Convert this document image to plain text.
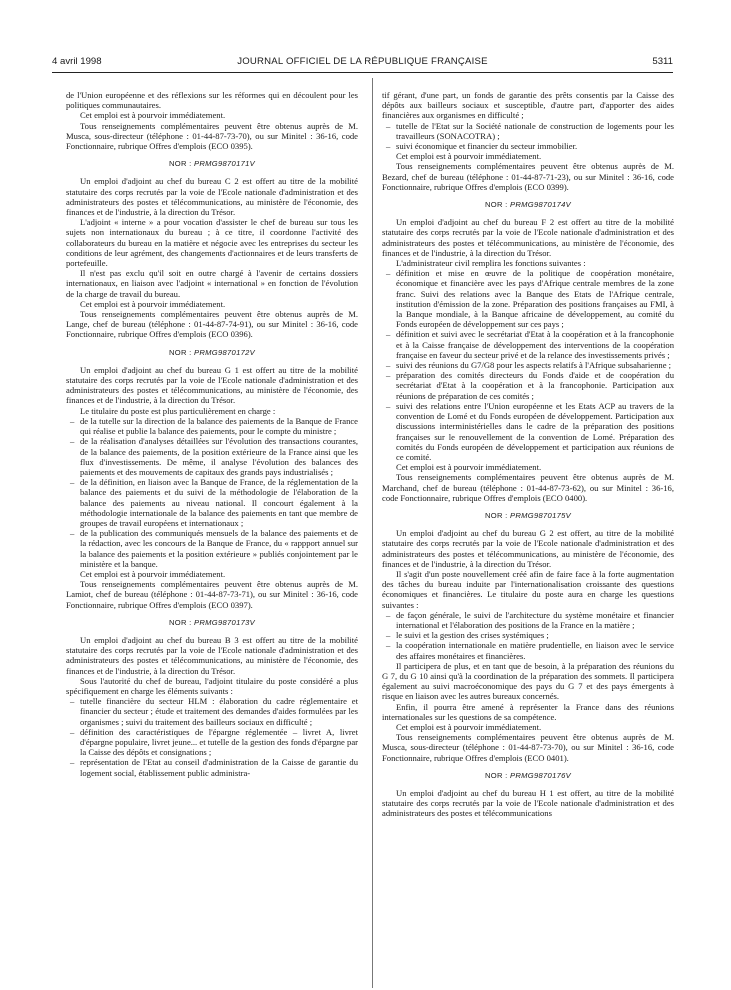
4 avril 1998	JOURNAL OFFICIEL DE LA RÉPUBLIQUE FRANÇAISE	5311

de l'Union européenne et des réflexions sur les réformes qui en découlent pour les politiques communautaires.

Cet emploi est à pourvoir immédiatement.

Tous renseignements complémentaires peuvent être obtenus auprès de M. Musca, sous-directeur (téléphone : 01-44-87-73-70), ou sur Minitel : 36-16, code Fonctionnaire, rubrique Offres d'emplois (ECO 0395).

NOR : PRMG9870171V

Un emploi d'adjoint au chef du bureau C 2 est offert au titre de la mobilité statutaire des corps recrutés par la voie de l'Ecole nationale d'administration et des administrateurs des postes et télécommunications, au ministère de l'économie, des finances et de l'industrie, à la direction du Trésor.

L'adjoint « interne » a pour vocation d'assister le chef de bureau sur tous les sujets non internationaux du bureau ; à ce titre, il coordonne l'activité des collaborateurs du bureau en la matière et négocie avec les entreprises du secteur les conditions de leur agrément, des changements d'actionnaires et de leurs transferts de portefeuille.

Il n'est pas exclu qu'il soit en outre chargé à l'avenir de certains dossiers internationaux, en liaison avec l'adjoint « international » en fonction de l'évolution de la charge de travail du bureau.

Cet emploi est à pourvoir immédiatement.

Tous renseignements complémentaires peuvent être obtenus auprès de M. Lange, chef de bureau (téléphone : 01-44-87-74-91), ou sur Minitel : 36-16, code Fonctionnaire, rubrique Offres d'emplois (ECO 0396).

NOR : PRMG9870172V

Un emploi d'adjoint au chef du bureau G 1 est offert au titre de la mobilité statutaire des corps recrutés par la voie de l'Ecole nationale d'administration et des administrateurs des postes et télécommunications, au ministère de l'économie, des finances et de l'industrie, à la direction du Trésor.

Le titulaire du poste est plus particulièrement en charge :

– de la tutelle sur la direction de la balance des paiements de la Banque de France qui réalise et publie la balance des paiements, pour le compte du ministre ;

– de la réalisation d'analyses détaillées sur l'évolution des transactions courantes, de la balance des paiements, de la position extérieure de la France ainsi que les flux d'investissements. De même, il analyse l'évolution des balances des paiements et des mouvements de capitaux des grands pays industrialisés ;

– de la définition, en liaison avec la Banque de France, de la réglementation de la balance des paiements et du suivi de la méthodologie de l'élaboration de la balance des paiements au niveau national. Il concourt également à la méthodologie internationale de la balance des paiements en tant que membre de groupes de travail européens et internationaux ;

– de la publication des communiqués mensuels de la balance des paiements et de la rédaction, avec les concours de la Banque de France, du « rappport annuel sur la balance des paiements et la position extérieure » publiés conjointement par le ministère et la banque.

Cet emploi est à pourvoir immédiatement.

Tous renseignements complémentaires peuvent être obtenus auprès de M. Lamiot, chef de bureau (téléphone : 01-44-87-73-71), ou sur Minitel : 36-16, code Fonctionnaire, rubrique Offres d'emplois (ECO 0397).

NOR : PRMG9870173V

Un emploi d'adjoint au chef du bureau B 3 est offert au titre de la mobilité statutaire des corps recrutés par la voie de l'Ecole nationale d'administration et des administrateurs des postes et télécommunications, au ministère de l'économie, des finances et de l'industrie, à la direction du Trésor.

Sous l'autorité du chef de bureau, l'adjoint titulaire du poste considéré a plus spécifiquement en charge les éléments suivants :

– tutelle financière du secteur HLM : élaboration du cadre réglementaire et financier du secteur ; étude et traitement des demandes d'aides formulées par les organismes ; suivi du traitement des bailleurs sociaux en difficulté ;

– définition des caractéristiques de l'épargne réglementée – livret A, livret d'épargne populaire, livret jeune... et tutelle de la gestion des fonds d'épargne par la Caisse des dépôts et consignations ;

– représentation de l'Etat au conseil d'administration de la Caisse de garantie du logement social, établissement public administra-

tif gérant, d'une part, un fonds de garantie des prêts consentis par la Caisse des dépôts aux bailleurs sociaux et susceptible, d'autre part, d'apporter des aides financières aux organismes en difficulté ;

– tutelle de l'Etat sur la Société nationale de construction de logements pour les travailleurs (SONACOTRA) ;

– suivi économique et financier du secteur immobilier.

Cet emploi est à pourvoir immédiatement.

Tous renseignements complémentaires peuvent être obtenus auprès de M. Bezard, chef de bureau (téléphone : 01-44-87-71-23), ou sur Minitel : 36-16, code Fonctionnaire, rubrique Offres d'emplois (ECO 0399).

NOR : PRMG9870174V

Un emploi d'adjoint au chef du bureau F 2 est offert au titre de la mobilité statutaire des corps recrutés par la voie de l'Ecole nationale d'administration et des administrateurs des postes et télécommunications, au ministère de l'économie, des finances et de l'industrie, à la direction du Trésor.

L'administrateur civil remplira les fonctions suivantes :

– définition et mise en œuvre de la politique de coopération monétaire, économique et financière avec les pays d'Afrique centrale membres de la zone franc. Suivi des relations avec la Banque des Etats de l'Afrique centrale, institution d'émission de la zone. Préparation des positions françaises au FMI, à la Banque mondiale, à la Banque africaine de développement, au comité du Fonds européen de développement sur ces pays ;

– définition et suivi avec le secrétariat d'Etat à la coopération et à la francophonie et à la Caisse française de développement des interventions de la coopération française en faveur du secteur privé et de la relance des investissements privés ;

– suivi des réunions du G7/G8 pour les aspects relatifs à l'Afrique subsaharienne ;

– préparation des comités directeurs du Fonds d'aide et de coopération du secrétariat d'Etat à la coopération et à la francophonie. Participation aux réunions de préparation de ces comités ;

– suivi des relations entre l'Union européenne et les Etats ACP au travers de la convention de Lomé et du Fonds européen de développement. Participation aux discussions interministérielles dans le cadre de la préparation des positions françaises sur le renouvellement de la convention de Lomé. Préparation des comités du Fonds européen de développement et participation aux réunions de ce comité.

Cet emploi est à pourvoir immédiatement.

Tous renseignements complémentaires peuvent être obtenus auprès de M. Marchand, chef de bureau (téléphone : 01-44-87-73-62), ou sur Minitel : 36-16, code Fonctionnaire, rubrique Offres d'emplois (ECO 0400).

NOR : PRMG9870175V

Un emploi d'adjoint au chef du bureau G 2 est offert, au titre de la mobilité statutaire des corps recrutés par la voie de l'Ecole nationale d'administration et des administrateurs des postes et télécommunications, au ministère de l'économie, des finances et de l'industrie, à la direction du Trésor.

Il s'agit d'un poste nouvellement créé afin de faire face à la forte augmentation des tâches du bureau induite par l'internationalisation croissante des questions économiques et financières. Le titulaire du poste aura en charge les questions suivantes :

– de façon générale, le suivi de l'architecture du système monétaire et financier international et l'élaboration des positions de la France en la matière ;

– le suivi et la gestion des crises systémiques ;

– la coopération internationale en matière prudentielle, en liaison avec le service des affaires monétaires et financières.

Il participera de plus, et en tant que de besoin, à la préparation des réunions du G 7, du G 10 ainsi qu'à la coordination de la préparation des sommets. Il participera également au suivi macroéconomique des pays du G 7 et des pays émergents à risque en liaison avec les autres bureaux concernés.

Enfin, il pourra être amené à représenter la France dans des réunions internationales sur les questions de sa compétence.

Cet emploi est à pourvoir immédiatement.

Tous renseignements complémentaires peuvent être obtenus auprès de M. Musca, sous-directeur (téléphone : 01-44-87-73-70), ou sur Minitel : 36-16, code Fonctionnaire, rubrique Offres d'emplois (ECO 0401).

NOR : PRMG9870176V

Un emploi d'adjoint au chef du bureau H 1 est offert, au titre de la mobilité statutaire des corps recrutés par la voie de l'Ecole nationale d'administration et des administrateurs des postes et télécommunications
